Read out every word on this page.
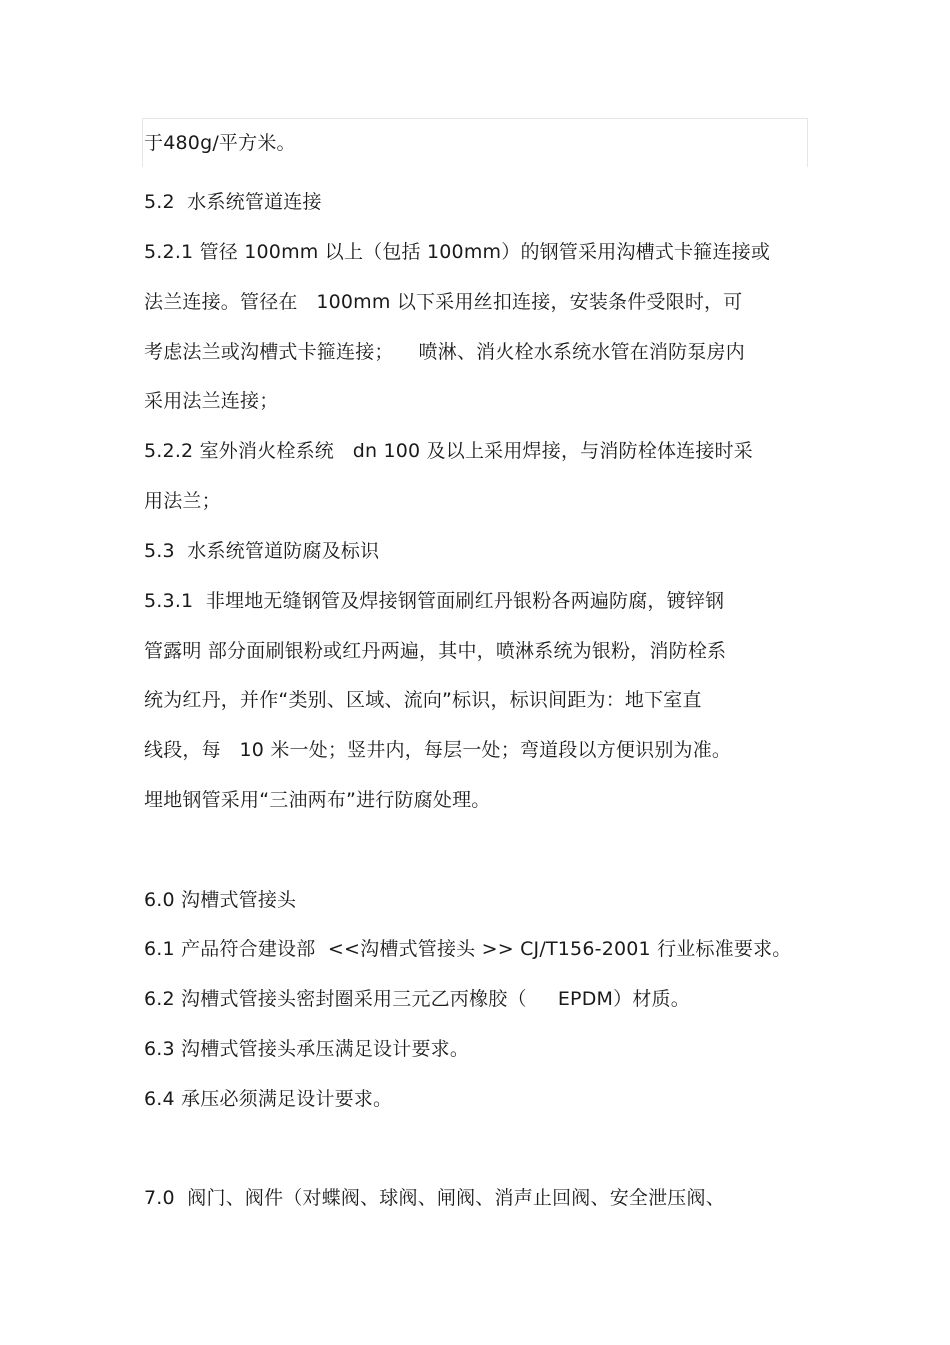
于480g/平方米。
5.2  水系统管道连接
5.2.1 管径 100mm 以上（包括 100mm）的钢管采用沟槽式卡箍连接或
法兰连接。管径在   100mm 以下采用丝扣连接，安装条件受限时，可
考虑法兰或沟槽式卡箍连接；    喷淋、消火栓水系统水管在消防泵房内
采用法兰连接；
5.2.2 室外消火栓系统   dn 100 及以上采用焊接，与消防栓体连接时采
用法兰；
5.3  水系统管道防腐及标识
5.3.1  非埋地无缝钢管及焊接钢管面刷红丹银粉各两遍防腐，镀锌钢
管露明 部分面刷银粉或红丹两遍，其中，喷淋系统为银粉，消防栓系
统为红丹，并作“类别、区域、流向”标识，标识间距为：地下室直
线段，每   10 米一处；竖井内，每层一处；弯道段以方便识别为准。
埋地钢管采用“三油两布”进行防腐处理。
6.0 沟槽式管接头
6.1 产品符合建设部  <<沟槽式管接头 >> CJ/T156-2001 行业标准要求。
6.2 沟槽式管接头密封圈采用三元乙丙橡胶（     EPDM）材质。
6.3 沟槽式管接头承压满足设计要求。
6.4 承压必须满足设计要求。
7.0  阀门、阀件（对蝶阀、球阀、闸阀、消声止回阀、安全泄压阀、
